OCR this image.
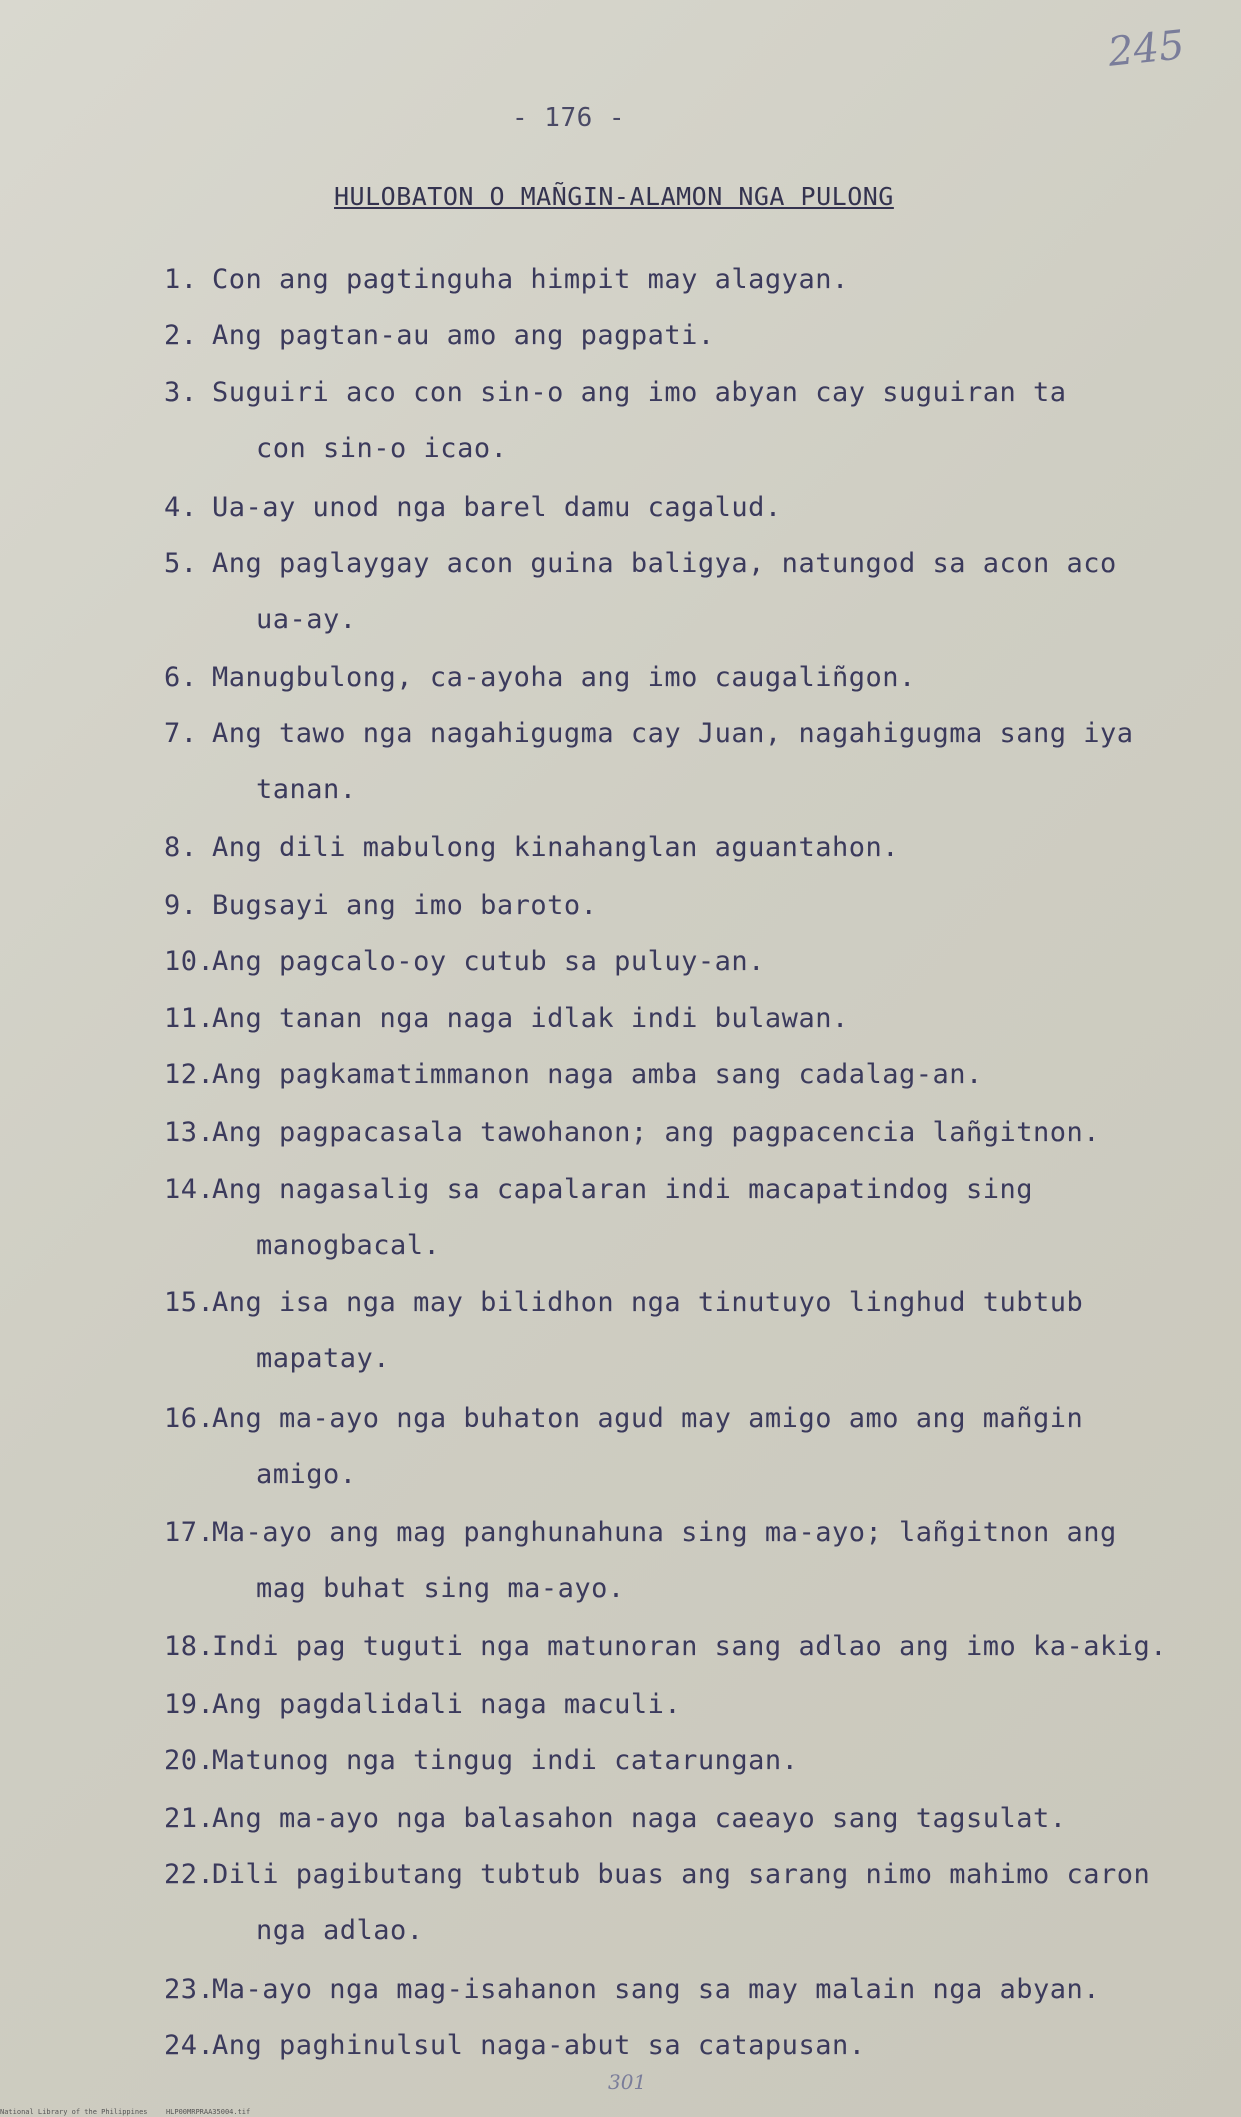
- 176 -
245
HULOBATON O MAÑGIN-ALAMON NGA PULONG
1. Con ang pagtinguha himpit may alagyan.
2. Ang pagtan-au amo ang pagpati.
3. Suguiri aco con sin-o ang imo abyan cay suguiran ta
con sin-o icao.
4. Ua-ay unod nga barel damu cagalud.
5. Ang paglaygay acon guina baligya, natungod sa acon aco
ua-ay.
6. Manugbulong, ca-ayoha ang imo caugaliñgon.
7. Ang tawo nga nagahigugma cay Juan, nagahigugma sang iya
tanan.
8. Ang dili mabulong kinahanglan aguantahon.
9. Bugsayi ang imo baroto.
10.
Ang pagcalo-oy cutub sa puluy-an.
11.
Ang tanan nga naga idlak indi bulawan.
12.
Ang pagkamatimmanon naga amba sang cadalag-an.
13.
Ang pagpacasala tawohanon; ang pagpacencia lañgitnon.
14.
Ang nagasalig sa capalaran indi macapatindog sing
manogbacal.
15.
Ang isa nga may bilidhon nga tinutuyo linghud tubtub
mapatay.
16.
Ang ma-ayo nga buhaton agud may amigo amo ang mañgin
amigo.
17.
Ma-ayo ang mag panghunahuna sing ma-ayo; lañgitnon ang
mag buhat sing ma-ayo.
18.
Indi pag tuguti nga matunoran sang adlao ang imo ka-akig.
19.
Ang pagdalidali naga maculi.
20.
Matunog nga tingug indi catarungan.
21.
Ang ma-ayo nga balasahon naga caeayo sang tagsulat.
22.
Dili pagibutang tubtub buas ang sarang nimo mahimo caron
nga adlao.
23.
Ma-ayo nga mag-isahanon sang sa may malain nga abyan.
24.
Ang paghinulsul naga-abut sa catapusan.
301
National Library of the Philippines	HLP00MRPRAA35004.tif
